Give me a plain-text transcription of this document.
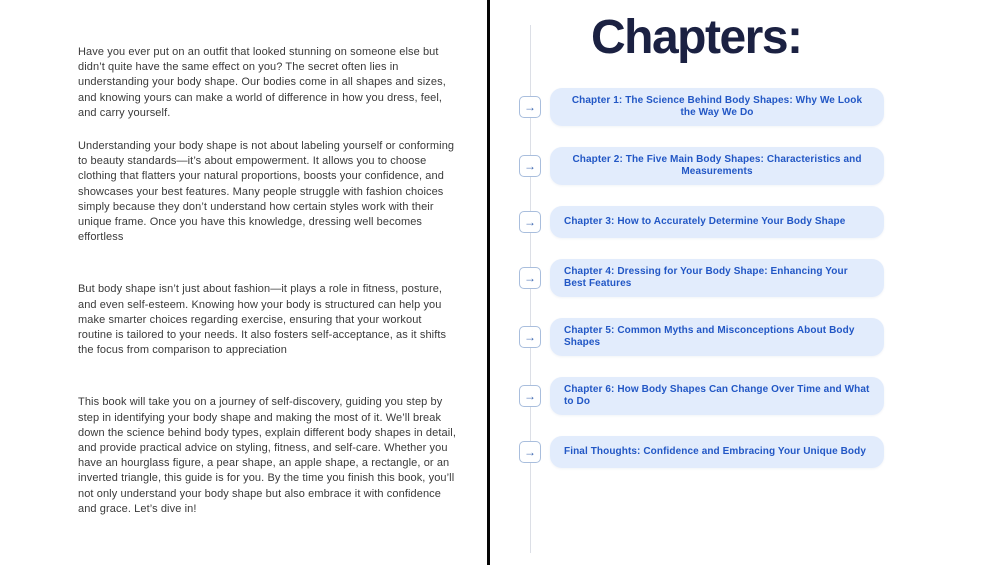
Have you ever put on an outfit that looked stunning on someone else but didn’t quite have the same effect on you? The secret often lies in understanding your body shape. Our bodies come in all shapes and sizes, and knowing yours can make a world of difference in how you dress, feel, and carry yourself.

Understanding your body shape is not about labeling yourself or conforming to beauty standards—it’s about empowerment. It allows you to choose clothing that flatters your natural proportions, boosts your confidence, and showcases your best features. Many people struggle with fashion choices simply because they don’t understand how certain styles work with their unique frame. Once you have this knowledge, dressing well becomes effortless

But body shape isn’t just about fashion—it plays a role in fitness, posture, and even self-esteem. Knowing how your body is structured can help you make smarter choices regarding exercise, ensuring that your workout routine is tailored to your needs. It also fosters self-acceptance, as it shifts the focus from comparison to appreciation

This book will take you on a journey of self-discovery, guiding you step by step in identifying your body shape and making the most of it. We’ll break down the science behind body types, explain different body shapes in detail, and provide practical advice on styling, fitness, and self-care. Whether you have an hourglass figure, a pear shape, an apple shape, a rectangle, or an inverted triangle, this guide is for you. By the time you finish this book, you’ll not only understand your body shape but also embrace it with confidence and grace. Let’s dive in!

Chapters:
→	Chapter 1: The Science Behind Body Shapes: Why We Look the Way We Do
→	Chapter 2: The Five Main Body Shapes: Characteristics and Measurements
→	Chapter 3: How to Accurately Determine Your Body Shape
→	Chapter 4: Dressing for Your Body Shape: Enhancing Your Best Features
→	Chapter 5: Common Myths and Misconceptions About Body Shapes
→	Chapter 6: How Body Shapes Can Change Over Time and What to Do
→	Final Thoughts: Confidence and Embracing Your Unique Body
